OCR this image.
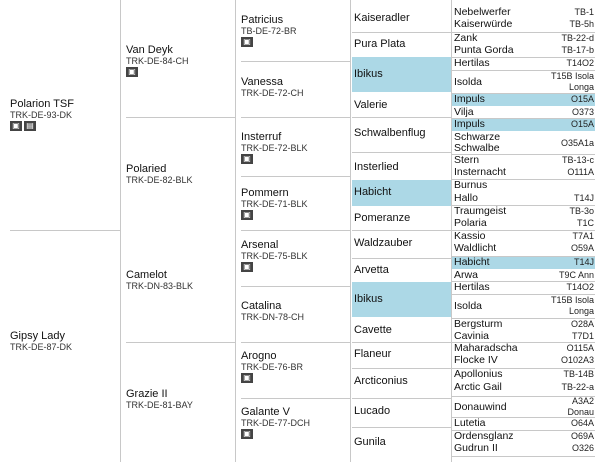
Polarion TSF
TRK-DE-93-DK
▣ ▤
Gipsy Lady
TRK-DE-87-DK
Van Deyk
TRK-DE-84-CH
▣
Polaried
TRK-DE-82-BLK
Camelot
TRK-DN-83-BLK
Grazie II
TRK-DE-81-BAY
Patricius
TB-DE-72-BR
▣
Vanessa
TRK-DE-72-CH
Insterruf
TRK-DE-72-BLK
▣
Pommern
TRK-DE-71-BLK
▣
Arsenal
TRK-DE-75-BLK
▣
Catalina
TRK-DN-78-CH
Arogno
TRK-DE-76-BR
▣
Galante V
TRK-DE-77-DCH
▣
Kaiseradler
Pura Plata
Ibikus
Valerie
Schwalbenflug
Insterlied
Habicht
Pomeranze
Waldzauber
Arvetta
Ibikus
Cavette
Flaneur
Arcticonius
Lucado
Gunila
Nebelwerfer	TB-1
Kaiserwürde	TB-5h
Zank	TB-22-d
Punta Gorda	TB-17-b
Hertilas	T14O2
Isolda	T15B Isola Longa
Impuls	O15A
Vilja	O373
Impuls	O15A
Schwarze Schwalbe	O35A1a
Stern	TB-13-c
Insternacht	O111A
Burnus
Hallo	T14J
Traumgeist	TB-3o
Polaria	T1C
Kassio	T7A1
Waldlicht	O59A
Habicht	T14J
Arwa	T9C Ann
Hertilas	T14O2
Isolda	T15B Isola Longa
Bergsturm	O28A
Cavinia	T7D1
Maharadscha	O115A
Flocke IV	O102A3
Apollonius	TB-14B
Arctic Gail	TB-22-a
Donauwind	A3A2 Donau
Lutetia	O64A
Ordensglanz	O69A
Gudrun II	O326
